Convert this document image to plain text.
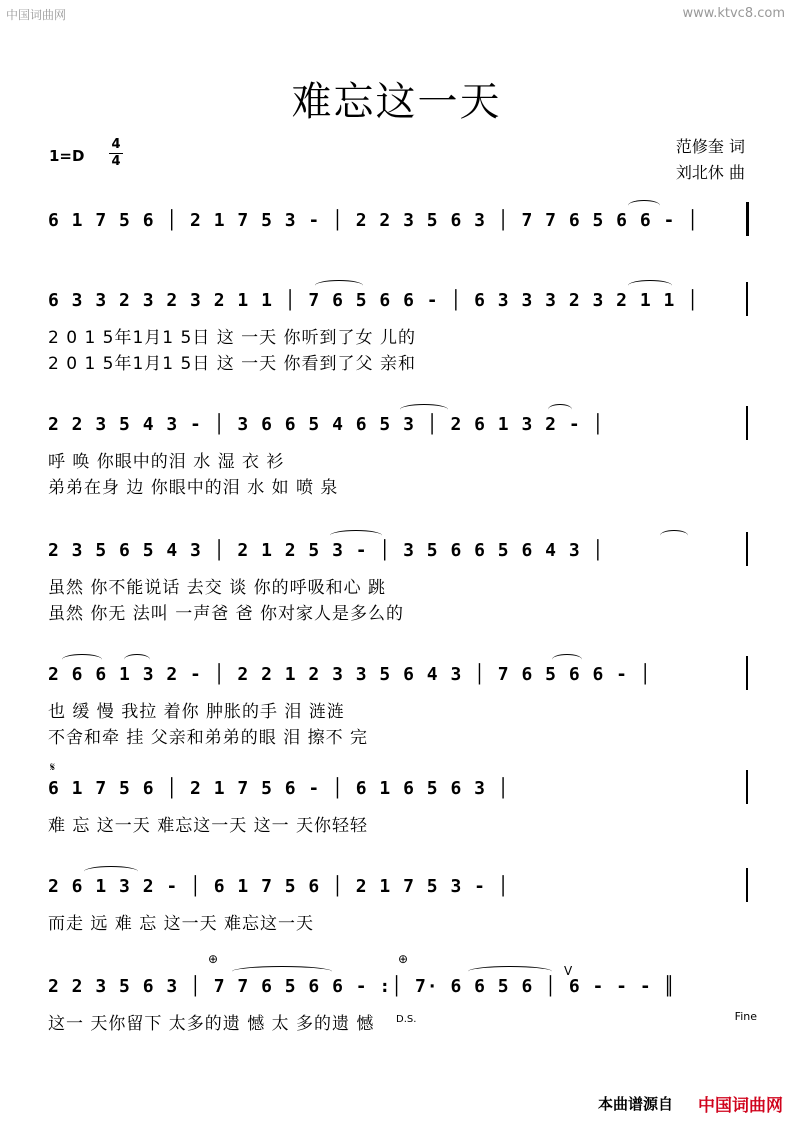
中国词曲网	www.ktvc8.com
难忘这一天
1=D
4
4
范修奎 词
刘北休 曲
6 1 7 5 6 │ 2 1 7 5 3 - │ 2 2 3 5 6 3 │ 7 7 6 5 6 6 - │
6 3 3 2 3 2 3 2 1 1 │ 7 6 5 6 6 - │ 6 3 3 3 2 3 2 1 1 │
2 0 1 5年1月1 5日 这 一天 你听到了女 儿的
2 0 1 5年1月1 5日 这 一天 你看到了父 亲和
2 2 3 5 4 3 - │ 3 6 6 5 4 6 5 3 │ 2 6 1 3 2 - │
呼 唤 你眼中的泪 水 湿 衣 衫
弟弟在身 边 你眼中的泪 水 如 喷 泉
2 3 5 6 5 4 3 │ 2 1 2 5 3 - │ 3 5 6 6 5 6 4 3 │
虽然 你不能说话 去交 谈 你的呼吸和心 跳
虽然 你无 法叫 一声爸 爸 你对家人是多么的
2 6 6 1 3 2 - │ 2 2 1 2 3 3 5 6 4 3 │ 7 6 5 6 6 - │
也 缓 慢 我拉 着你 肿胀的手 泪 涟涟
不舍和牵 挂 父亲和弟弟的眼 泪 擦不 完
𝄋
6 1 7 5 6 │ 2 1 7 5 6 - │ 6 1 6 5 6 3 │
难 忘 这一天 难忘这一天 这一 天你轻轻
2 6 1 3 2 - │ 6 1 7 5 6 │ 2 1 7 5 3 - │
而走 远 难 忘 这一天 难忘这一天
⊕	⊕
2 2 3 5 6 3 │ 7 7 6 5 6 6 - :│ 7· 6 6 5 6 │ 6 - - - ║
V
D.S.	Fine
这一 天你留下 太多的遗 憾 太 多的遗 憾
本曲谱源自 中国词曲网
